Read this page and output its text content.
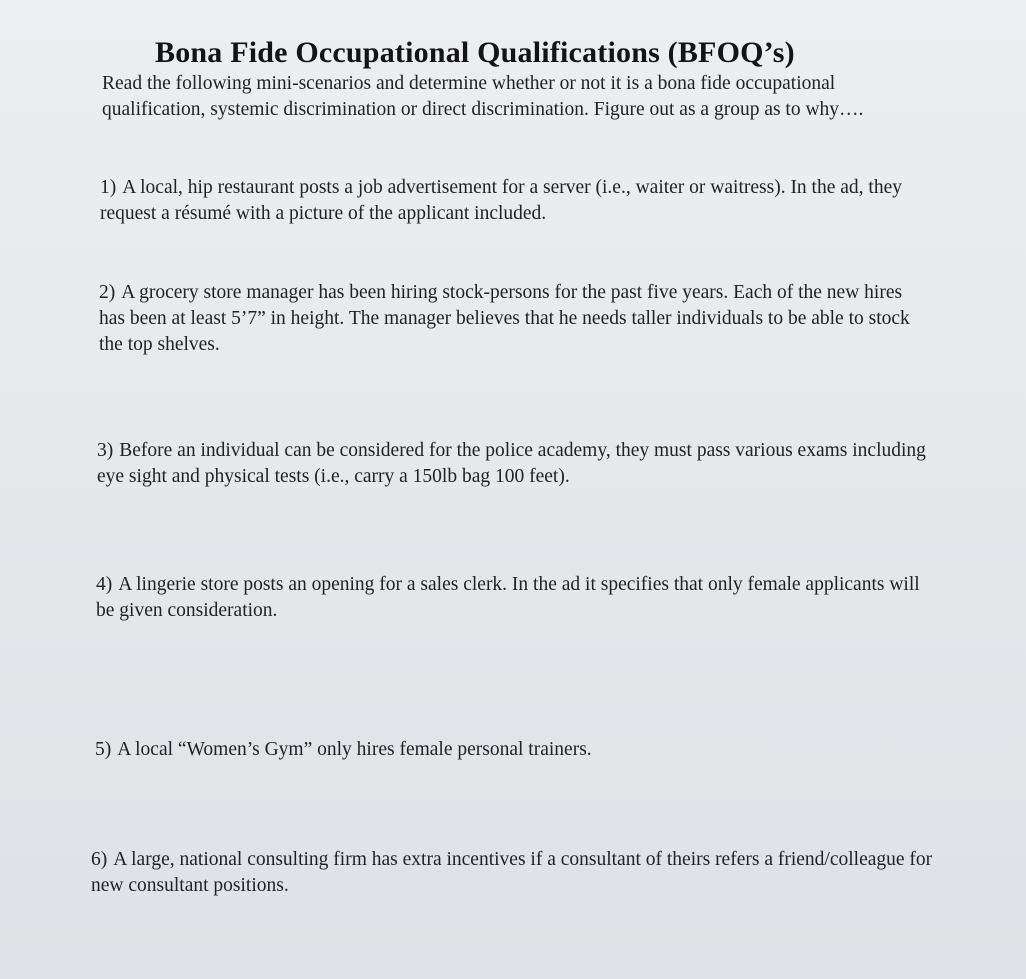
Bona Fide Occupational Qualifications (BFOQ’s)

Read the following mini-scenarios and determine whether or not it is a bona fide occupational qualification, systemic discrimination or direct discrimination. Figure out as a group as to why….

1) A local, hip restaurant posts a job advertisement for a server (i.e., waiter or waitress). In the ad, they request a résumé with a picture of the applicant included.

2) A grocery store manager has been hiring stock-persons for the past five years. Each of the new hires has been at least 5’7” in height. The manager believes that he needs taller individuals to be able to stock the top shelves.

3) Before an individual can be considered for the police academy, they must pass various exams including eye sight and physical tests (i.e., carry a 150lb bag 100 feet).

4) A lingerie store posts an opening for a sales clerk. In the ad it specifies that only female applicants will be given consideration.

5) A local “Women’s Gym” only hires female personal trainers.

6) A large, national consulting firm has extra incentives if a consultant of theirs refers a friend/colleague for new consultant positions.
